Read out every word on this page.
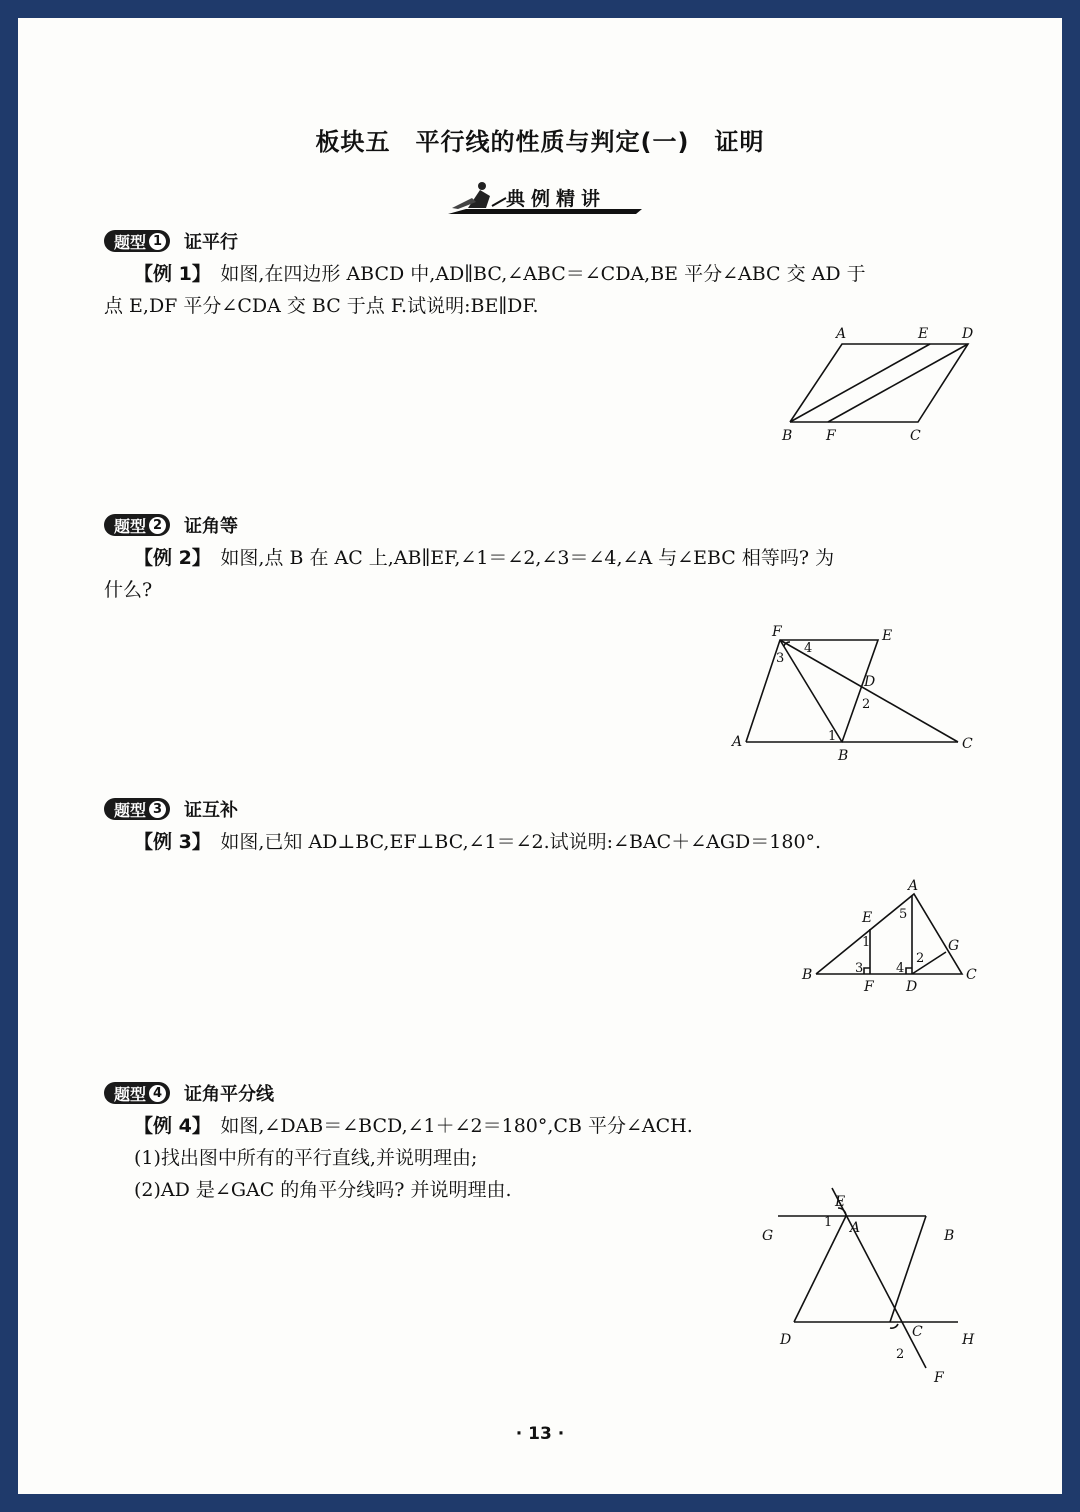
板块五　平行线的性质与判定(一)　证明
典例精讲
题型 1 证平行
【例 1】　 如图,在四边形 ABCD 中,AD∥BC,∠ABC＝∠CDA,BE 平分∠ABC 交 AD 于
点 E,DF 平分∠CDA 交 BC 于点 F.试说明:BE∥DF.
A	E D
B F	C
题型 2 证角等
【例 2】　 如图,点 B 在 AC 上,AB∥EF,∠1＝∠2,∠3＝∠4,∠A 与∠EBC 相等吗? 为
什么?
F	E
4
3
D
2
A	1
B
C
题型 3 证互补
【例 3】　 如图,已知 AD⊥BC,EF⊥BC,∠1＝∠2.试说明:∠BAC＋∠AGD＝180°.
A
E 5
1	G
2
B	3
F
4
D
C
题型 4 证角平分线
【例 4】　 如图,∠DAB＝∠BCD,∠1＋∠2＝180°,CB 平分∠ACH.
(1)找出图中所有的平行直线,并说明理由;
(2)AD 是∠GAC 的角平分线吗? 并说明理由.
E
1 A
G	B
C
D	H
2
F
· 13 ·
